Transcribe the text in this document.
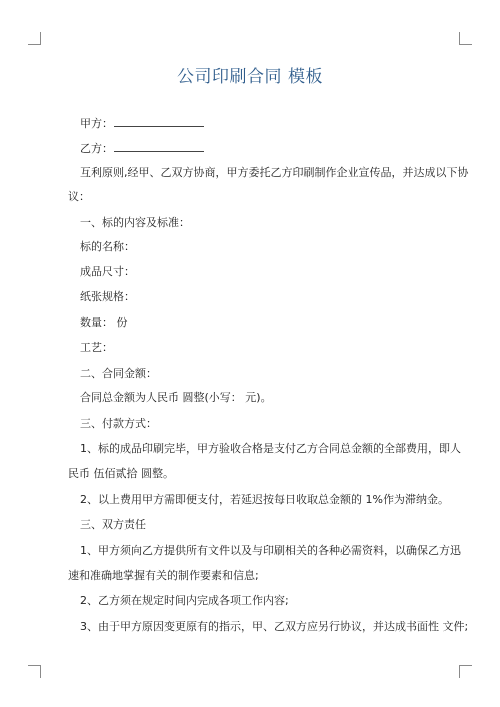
公司印刷合同 模板
甲方：
乙方：
互利原则,经甲、乙双方协商，甲方委托乙方印刷制作企业宣传品，并达成以下协
议：
一、标的内容及标准：
标的名称：
成品尺寸：
纸张规格：
数量： 份
工艺：
二、合同金额：
合同总金额为人民币 圆整(小写： 元)。
三、付款方式：
1、标的成品印刷完毕，甲方验收合格是支付乙方合同总金额的全部费用，即人
民币 伍佰贰拾 圆整。
2、以上费用甲方需即便支付，若延迟按每日收取总金额的 1%作为滞纳金。
三、双方责任
1、甲方须向乙方提供所有文件以及与印刷相关的各种必需资料，以确保乙方迅
速和准确地掌握有关的制作要素和信息;
2、乙方须在规定时间内完成各项工作内容;
3、由于甲方原因变更原有的指示，甲、乙双方应另行协议，并达成书面性 文件;
